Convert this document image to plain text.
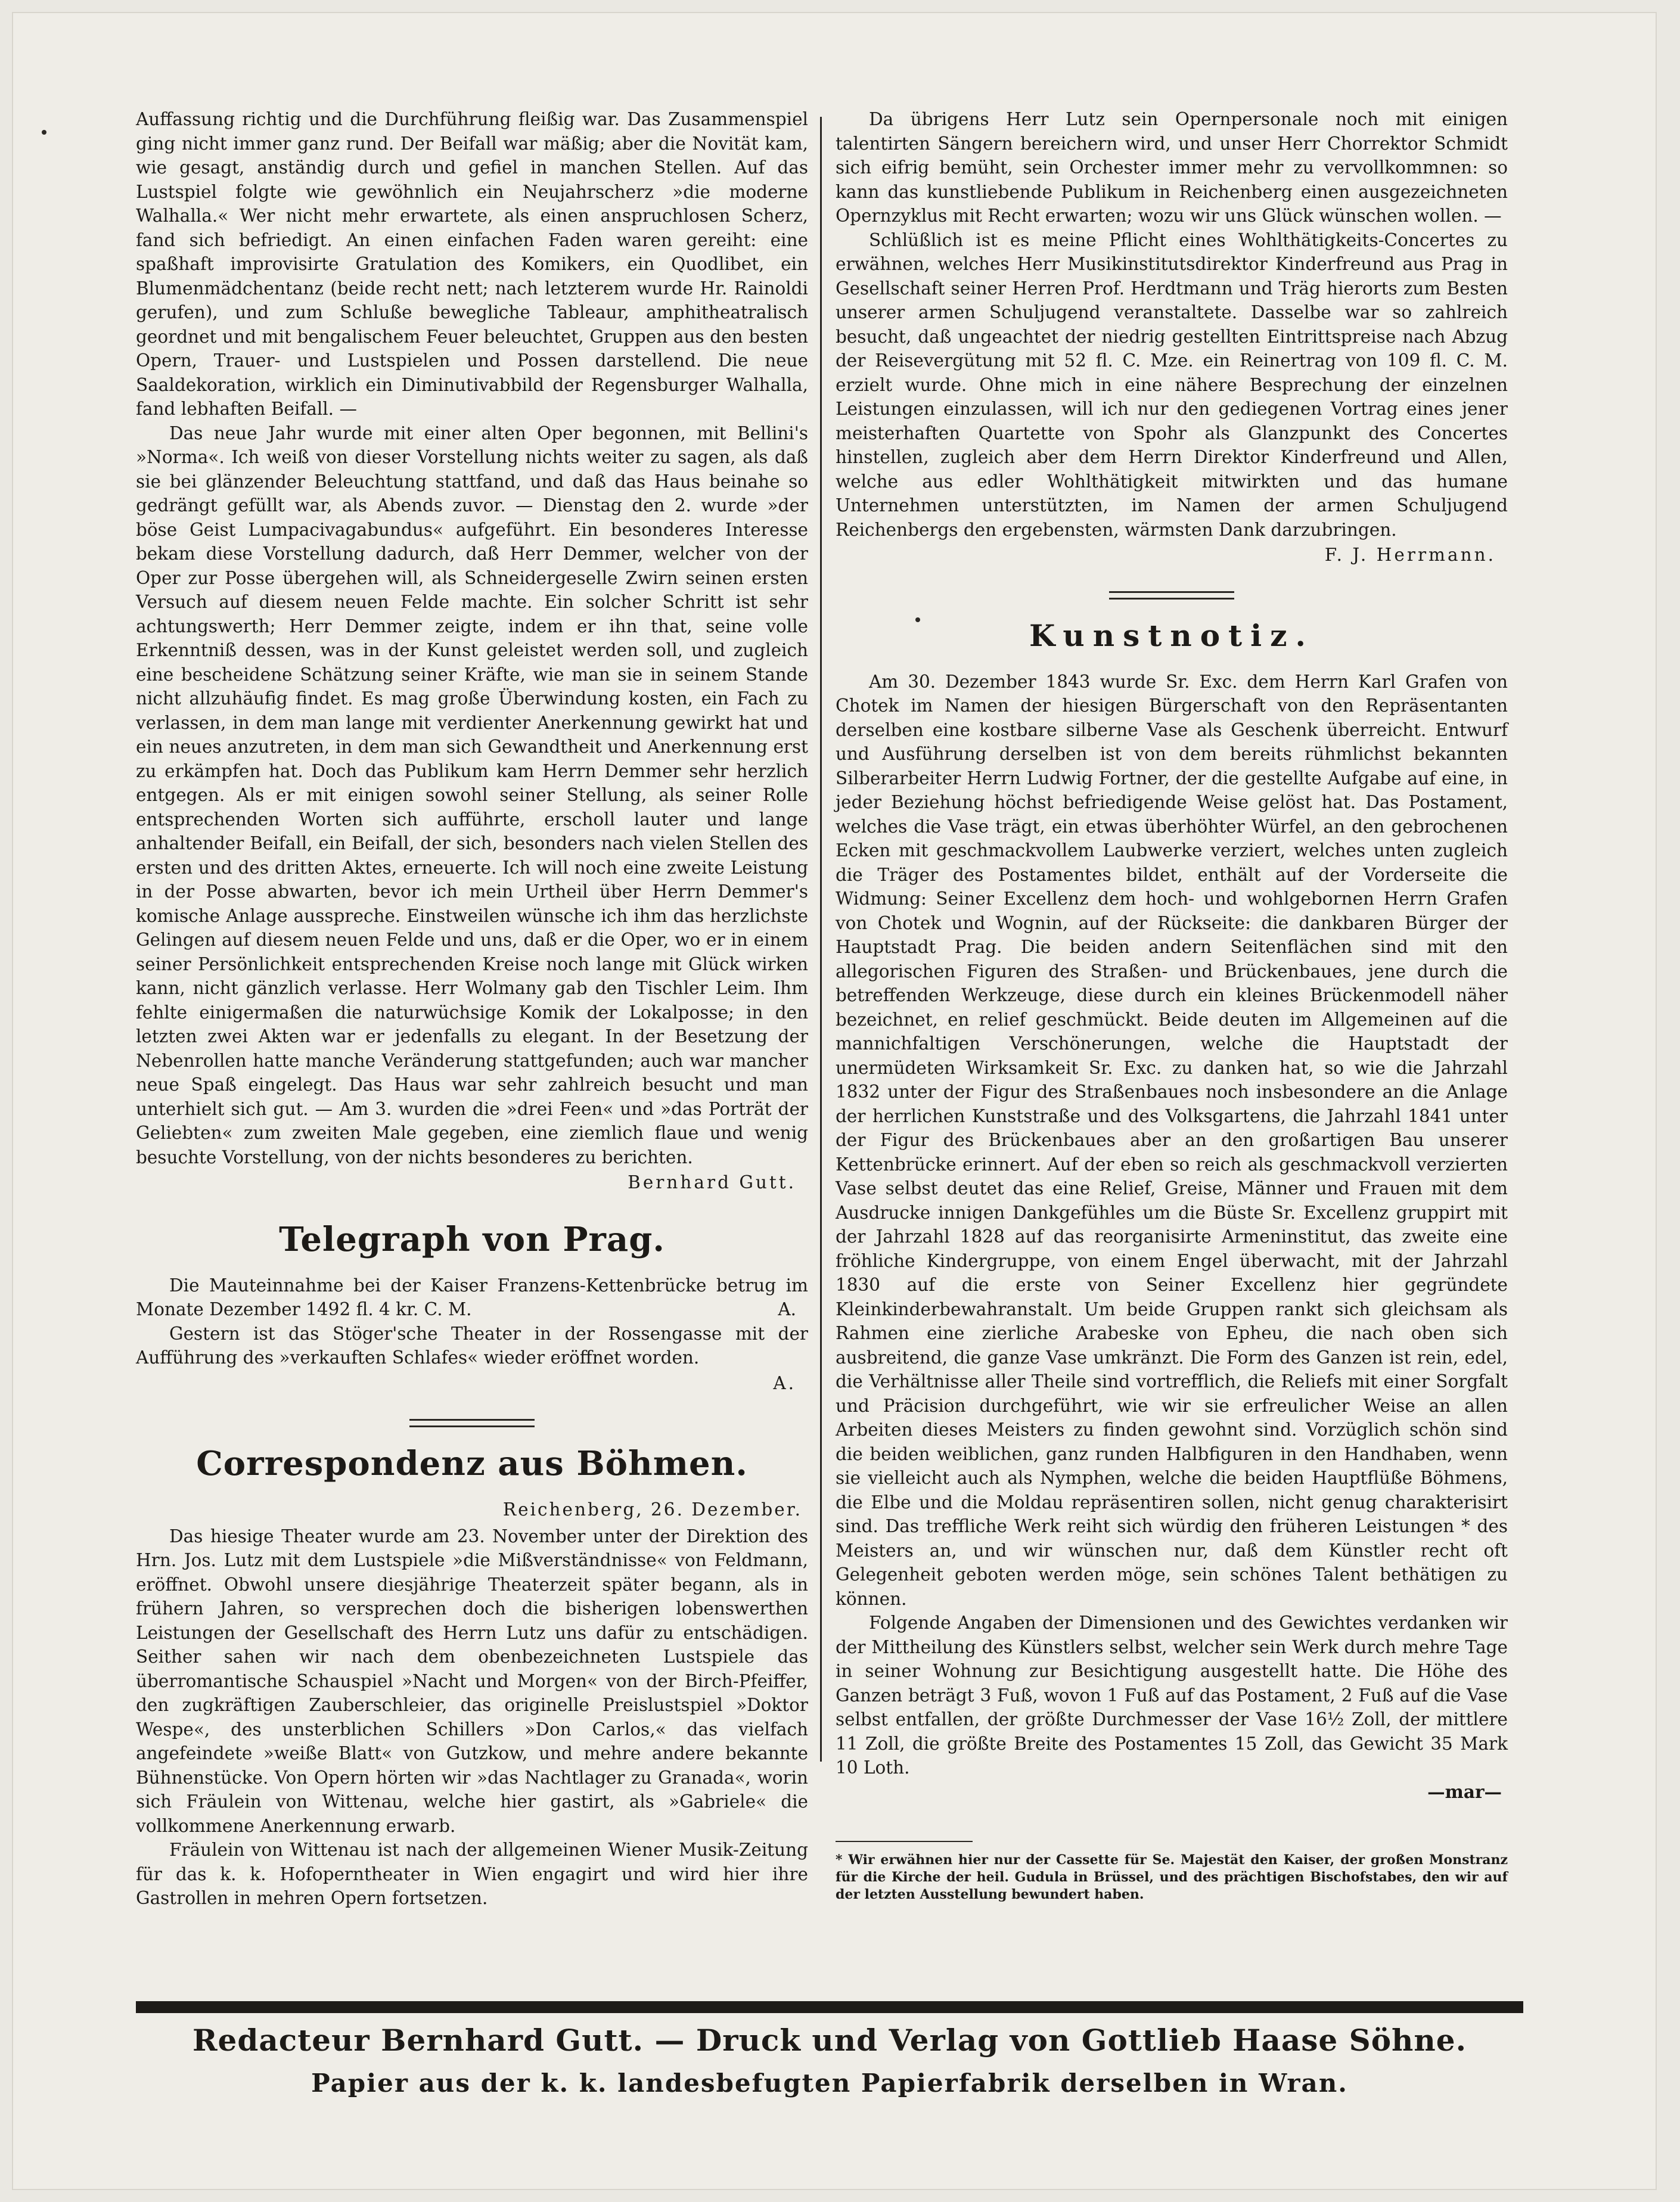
Auffassung richtig und die Durchführung fleißig war. Das Zusammenspiel ging nicht immer ganz rund. Der Beifall war mäßig; aber die Novität kam, wie gesagt, anständig durch und gefiel in manchen Stellen. Auf das Lustspiel folgte wie gewöhnlich ein Neujahrscherz »die moderne Walhalla.« Wer nicht mehr erwartete, als einen anspruchlosen Scherz, fand sich befriedigt. An einen einfachen Faden waren gereiht: eine spaßhaft improvisirte Gratulation des Komikers, ein Quodlibet, ein Blumenmädchentanz (beide recht nett; nach letzterem wurde Hr. Rainoldi gerufen), und zum Schluße bewegliche Tableaur, amphitheatralisch geordnet und mit bengalischem Feuer beleuchtet, Gruppen aus den besten Opern, Trauer- und Lustspielen und Possen darstellend. Die neue Saaldekoration, wirklich ein Diminutivabbild der Regensburger Walhalla, fand lebhaften Beifall. —

Das neue Jahr wurde mit einer alten Oper begonnen, mit Bellini's »Norma«. Ich weiß von dieser Vorstellung nichts weiter zu sagen, als daß sie bei glänzender Beleuchtung stattfand, und daß das Haus beinahe so gedrängt gefüllt war, als Abends zuvor. — Dienstag den 2. wurde »der böse Geist Lumpacivagabundus« aufgeführt. Ein besonderes Interesse bekam diese Vorstellung dadurch, daß Herr Demmer, welcher von der Oper zur Posse übergehen will, als Schneidergeselle Zwirn seinen ersten Versuch auf diesem neuen Felde machte. Ein solcher Schritt ist sehr achtungswerth; Herr Demmer zeigte, indem er ihn that, seine volle Erkenntniß dessen, was in der Kunst geleistet werden soll, und zugleich eine bescheidene Schätzung seiner Kräfte, wie man sie in seinem Stande nicht allzuhäufig findet. Es mag große Überwindung kosten, ein Fach zu verlassen, in dem man lange mit verdienter Anerkennung gewirkt hat und ein neues anzutreten, in dem man sich Gewandtheit und Anerkennung erst zu erkämpfen hat. Doch das Publikum kam Herrn Demmer sehr herzlich entgegen. Als er mit einigen sowohl seiner Stellung, als seiner Rolle entsprechenden Worten sich aufführte, erscholl lauter und lange anhaltender Beifall, ein Beifall, der sich, besonders nach vielen Stellen des ersten und des dritten Aktes, erneuerte. Ich will noch eine zweite Leistung in der Posse abwarten, bevor ich mein Urtheil über Herrn Demmer's komische Anlage ausspreche. Einstweilen wünsche ich ihm das herzlichste Gelingen auf diesem neuen Felde und uns, daß er die Oper, wo er in einem seiner Persönlichkeit entsprechenden Kreise noch lange mit Glück wirken kann, nicht gänzlich verlasse. Herr Wolmany gab den Tischler Leim. Ihm fehlte einigermaßen die naturwüchsige Komik der Lokalposse; in den letzten zwei Akten war er jedenfalls zu elegant. In der Besetzung der Nebenrollen hatte manche Veränderung stattgefunden; auch war mancher neue Spaß eingelegt. Das Haus war sehr zahlreich besucht und man unterhielt sich gut. — Am 3. wurden die »drei Feen« und »das Porträt der Geliebten« zum zweiten Male gegeben, eine ziemlich flaue und wenig besuchte Vorstellung, von der nichts besonderes zu berichten.

Bernhard Gutt.
Telegraph von Prag.

Die Mauteinnahme bei der Kaiser Franzens-Kettenbrücke betrug im Monate Dezember 1492 fl. 4 kr. C. M.	A.

Gestern ist das Stöger'sche Theater in der Rossengasse mit der Aufführung des »verkauften Schlafes« wieder eröffnet worden.

A.
Correspondenz aus Böhmen.
Reichenberg, 26. Dezember.

Das hiesige Theater wurde am 23. November unter der Direktion des Hrn. Jos. Lutz mit dem Lustspiele »die Mißverständnisse« von Feldmann, eröffnet. Obwohl unsere diesjährige Theaterzeit später begann, als in frühern Jahren, so versprechen doch die bisherigen lobenswerthen Leistungen der Gesellschaft des Herrn Lutz uns dafür zu entschädigen. Seither sahen wir nach dem obenbezeichneten Lustspiele das überromantische Schauspiel »Nacht und Morgen« von der Birch-Pfeiffer, den zugkräftigen Zauberschleier, das originelle Preislustspiel »Doktor Wespe«, des unsterblichen Schillers »Don Carlos,« das vielfach angefeindete »weiße Blatt« von Gutzkow, und mehre andere bekannte Bühnenstücke. Von Opern hörten wir »das Nachtlager zu Granada«, worin sich Fräulein von Wittenau, welche hier gastirt, als »Gabriele« die vollkommene Anerkennung erwarb.

Fräulein von Wittenau ist nach der allgemeinen Wiener Musik-Zeitung für das k. k. Hofoperntheater in Wien engagirt und wird hier ihre Gastrollen in mehren Opern fortsetzen.

Da übrigens Herr Lutz sein Opernpersonale noch mit einigen talentirten Sängern bereichern wird, und unser Herr Chorrektor Schmidt sich eifrig bemüht, sein Orchester immer mehr zu vervollkommnen: so kann das kunstliebende Publikum in Reichenberg einen ausgezeichneten Opernzyklus mit Recht erwarten; wozu wir uns Glück wünschen wollen. —

Schlüßlich ist es meine Pflicht eines Wohlthätigkeits-Concertes zu erwähnen, welches Herr Musikinstitutsdirektor Kinderfreund aus Prag in Gesellschaft seiner Herren Prof. Herdtmann und Träg hierorts zum Besten unserer armen Schuljugend veranstaltete. Dasselbe war so zahlreich besucht, daß ungeachtet der niedrig gestellten Eintrittspreise nach Abzug der Reisevergütung mit 52 fl. C. Mze. ein Reinertrag von 109 fl. C. M. erzielt wurde. Ohne mich in eine nähere Besprechung der einzelnen Leistungen einzulassen, will ich nur den gediegenen Vortrag eines jener meisterhaften Quartette von Spohr als Glanzpunkt des Concertes hinstellen, zugleich aber dem Herrn Direktor Kinderfreund und Allen, welche aus edler Wohlthätigkeit mitwirkten und das humane Unternehmen unterstützten, im Namen der armen Schuljugend Reichenbergs den ergebensten, wärmsten Dank darzubringen.

F. J. Herrmann.
Kunstnotiz.

Am 30. Dezember 1843 wurde Sr. Exc. dem Herrn Karl Grafen von Chotek im Namen der hiesigen Bürgerschaft von den Repräsentanten derselben eine kostbare silberne Vase als Geschenk überreicht. Entwurf und Ausführung derselben ist von dem bereits rühmlichst bekannten Silberarbeiter Herrn Ludwig Fortner, der die gestellte Aufgabe auf eine, in jeder Beziehung höchst befriedigende Weise gelöst hat. Das Postament, welches die Vase trägt, ein etwas überhöhter Würfel, an den gebrochenen Ecken mit geschmackvollem Laubwerke verziert, welches unten zugleich die Träger des Postamentes bildet, enthält auf der Vorderseite die Widmung: Seiner Excellenz dem hoch- und wohlgebornen Herrn Grafen von Chotek und Wognin, auf der Rückseite: die dankbaren Bürger der Hauptstadt Prag. Die beiden andern Seitenflächen sind mit den allegorischen Figuren des Straßen- und Brückenbaues, jene durch die betreffenden Werkzeuge, diese durch ein kleines Brückenmodell näher bezeichnet, en relief geschmückt. Beide deuten im Allgemeinen auf die mannichfaltigen Verschönerungen, welche die Hauptstadt der unermüdeten Wirksamkeit Sr. Exc. zu danken hat, so wie die Jahrzahl 1832 unter der Figur des Straßenbaues noch insbesondere an die Anlage der herrlichen Kunststraße und des Volksgartens, die Jahrzahl 1841 unter der Figur des Brückenbaues aber an den großartigen Bau unserer Kettenbrücke erinnert. Auf der eben so reich als geschmackvoll verzierten Vase selbst deutet das eine Relief, Greise, Männer und Frauen mit dem Ausdrucke innigen Dankgefühles um die Büste Sr. Excellenz gruppirt mit der Jahrzahl 1828 auf das reorganisirte Armeninstitut, das zweite eine fröhliche Kindergruppe, von einem Engel überwacht, mit der Jahrzahl 1830 auf die erste von Seiner Excellenz hier gegründete Kleinkinderbewahranstalt. Um beide Gruppen rankt sich gleichsam als Rahmen eine zierliche Arabeske von Epheu, die nach oben sich ausbreitend, die ganze Vase umkränzt. Die Form des Ganzen ist rein, edel, die Verhältnisse aller Theile sind vortrefflich, die Reliefs mit einer Sorgfalt und Präcision durchgeführt, wie wir sie erfreulicher Weise an allen Arbeiten dieses Meisters zu finden gewohnt sind. Vorzüglich schön sind die beiden weiblichen, ganz runden Halbfiguren in den Handhaben, wenn sie vielleicht auch als Nymphen, welche die beiden Hauptflüße Böhmens, die Elbe und die Moldau repräsentiren sollen, nicht genug charakterisirt sind. Das treffliche Werk reiht sich würdig den früheren Leistungen * des Meisters an, und wir wünschen nur, daß dem Künstler recht oft Gelegenheit geboten werden möge, sein schönes Talent bethätigen zu können.

Folgende Angaben der Dimensionen und des Gewichtes verdanken wir der Mittheilung des Künstlers selbst, welcher sein Werk durch mehre Tage in seiner Wohnung zur Besichtigung ausgestellt hatte. Die Höhe des Ganzen beträgt 3 Fuß, wovon 1 Fuß auf das Postament, 2 Fuß auf die Vase selbst entfallen, der größte Durchmesser der Vase 16½ Zoll, der mittlere 11 Zoll, die größte Breite des Postamentes 15 Zoll, das Gewicht 35 Mark 10 Loth.

—mar—

* Wir erwähnen hier nur der Cassette für Se. Majestät den Kaiser, der großen Monstranz für die Kirche der heil. Gudula in Brüssel, und des prächtigen Bischofstabes, den wir auf der letzten Ausstellung bewundert haben.

Redacteur Bernhard Gutt. — Druck und Verlag von Gottlieb Haase Söhne.
Papier aus der k. k. landesbefugten Papierfabrik derselben in Wran.
